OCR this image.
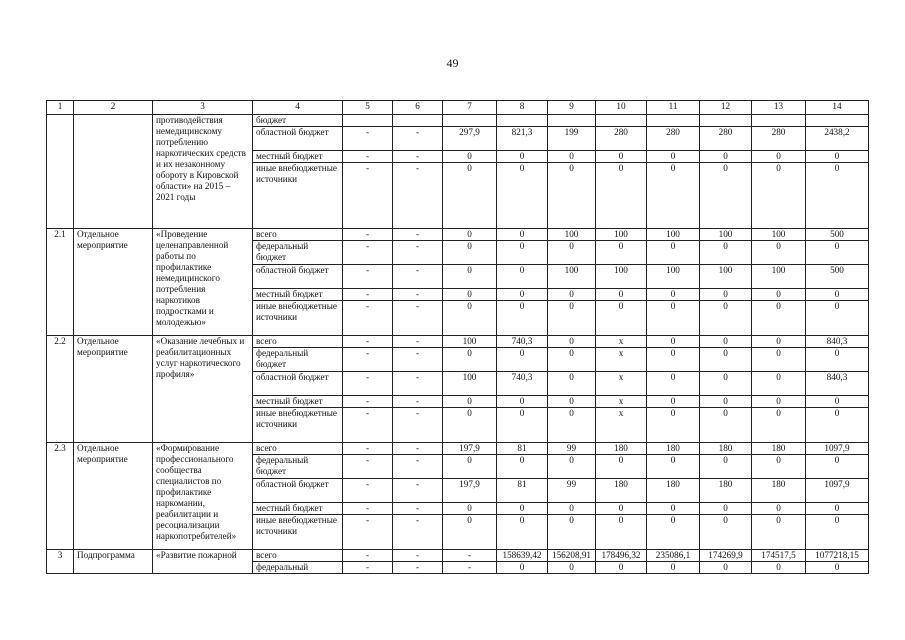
49
1	2	3	4	5	6	7	8	9	10	11	12	13	14
		противодействия немедицинскому потреблению наркотических средств и их незаконному обороту в Кировской области» на 2015 – 2021 годы	бюджет										
			областной бюджет	-	-	297,9	821,3	199	280	280	280	280	2438,2
			местный бюджет	-	-	0	0	0	0	0	0	0	0
			иные внебюджетные источники	-	-	0	0	0	0	0	0	0	0
2.1	Отдельное мероприятие	«Проведение целенаправленной работы по профилактике немедицинского потребления наркотиков подростками и молодежью»	всего	-	-	0	0	100	100	100	100	100	500
			федеральный бюджет	-	-	0	0	0	0	0	0	0	0
			областной бюджет	-	-	0	0	100	100	100	100	100	500
			местный бюджет	-	-	0	0	0	0	0	0	0	0
			иные внебюджетные источники	-	-	0	0	0	0	0	0	0	0
2.2	Отдельное мероприятие	«Оказание лечебных и реабилитационных услуг наркотического профиля»	всего	-	-	100	740,3	0	х	0	0	0	840,3
			федеральный бюджет	-	-	0	0	0	х	0	0	0	0
			областной бюджет	-	-	100	740,3	0	х	0	0	0	840,3
			местный бюджет	-	-	0	0	0	х	0	0	0	0
			иные внебюджетные источники	-	-	0	0	0	х	0	0	0	0
2.3	Отдельное мероприятие	«Формирование профессионального сообщества специалистов по профилактике наркомании, реабилитации и ресоциализации наркопотребителей»	всего	-	-	197,9	81	99	180	180	180	180	1097,9
			федеральный бюджет	-	-	0	0	0	0	0	0	0	0
			областной бюджет	-	-	197,9	81	99	180	180	180	180	1097,9
			местный бюджет	-	-	0	0	0	0	0	0	0	0
			иные внебюджетные источники	-	-	0	0	0	0	0	0	0	0
3	Подпрограмма	«Развитие пожарной	всего	-	-	-	158639,42	156208,91	178496,32	235086,1	174269,9	174517,5	1077218,15
			федеральный	-	-	-	0	0	0	0	0	0	0
